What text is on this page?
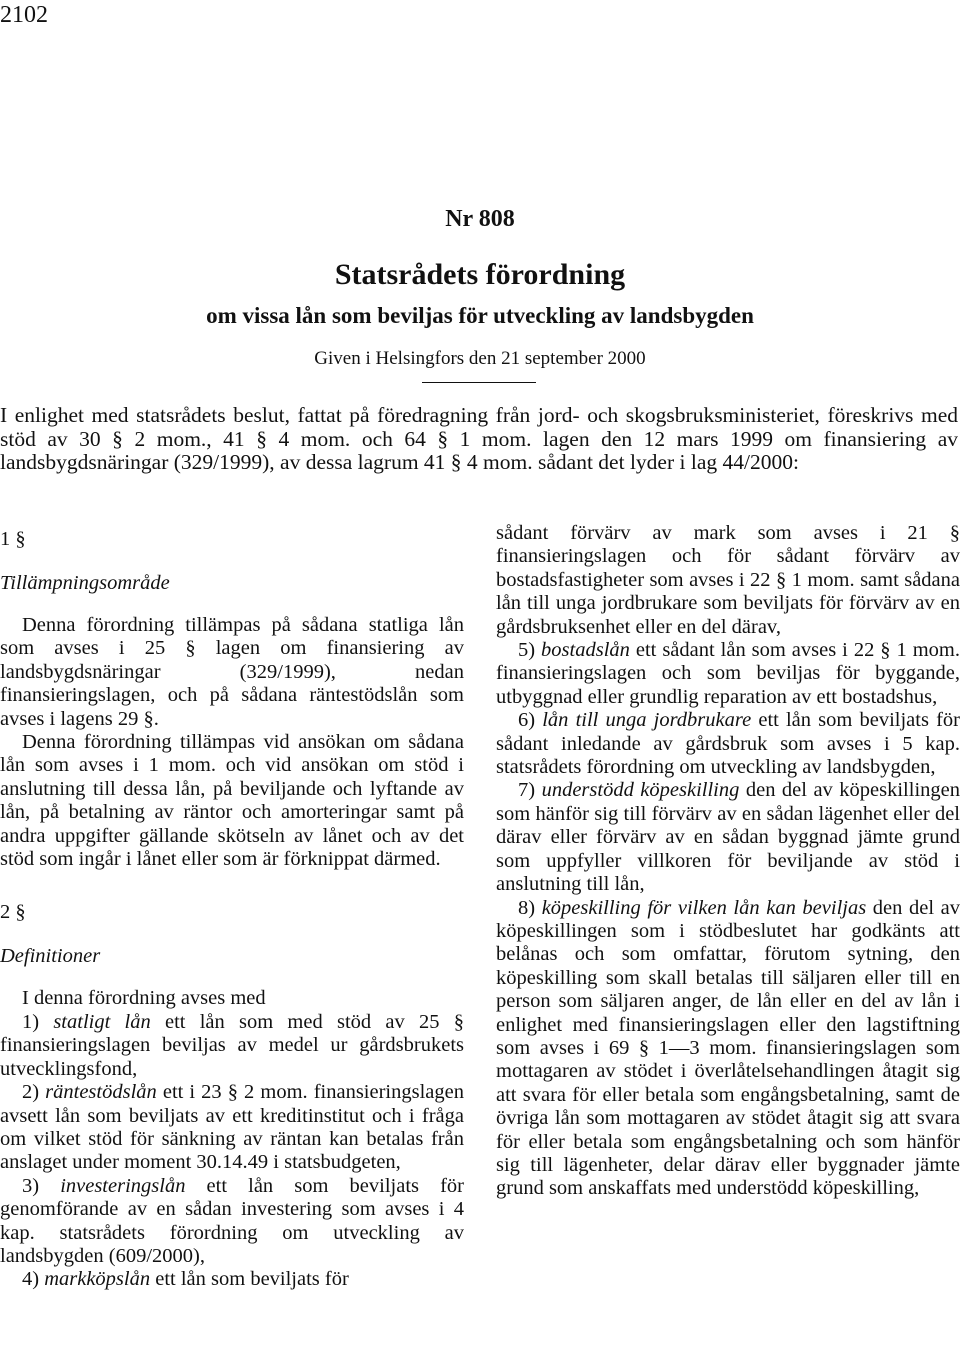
2102
Nr 808
Statsrådets förordning
om vissa lån som beviljas för utveckling av landsbygden
Given i Helsingfors den 21 september 2000

I enlighet med statsrådets beslut, fattat på föredragning från jord- och skogsbruksministeriet, föreskrivs med stöd av 30 § 2 mom., 41 § 4 mom. och 64 § 1 mom. lagen den 12 mars 1999 om finansiering av landsbygdsnäringar (329/1999), av dessa lagrum 41 § 4 mom. sådant det lyder i lag 44/2000:

1 §

Tillämpningsområde

Denna förordning tillämpas på sådana statliga lån som avses i 25 § lagen om finansiering av landsbygdsnäringar (329/1999), nedan finansieringslagen, och på sådana räntestödslån som avses i lagens 29 §.

Denna förordning tillämpas vid ansökan om sådana lån som avses i 1 mom. och vid ansökan om stöd i anslutning till dessa lån, på beviljande och lyftande av lån, på betalning av räntor och amorteringar samt på andra uppgifter gällande skötseln av lånet och av det stöd som ingår i lånet eller som är förknippat därmed.

2 §

Definitioner

I denna förordning avses med

1) statligt lån ett lån som med stöd av 25 § finansieringslagen beviljas av medel ur gårdsbrukets utvecklingsfond,

2) räntestödslån ett i 23 § 2 mom. finansieringslagen avsett lån som beviljats av ett kreditinstitut och i fråga om vilket stöd för sänkning av räntan kan betalas från anslaget under moment 30.14.49 i statsbudgeten,

3) investeringslån ett lån som beviljats för genomförande av en sådan investering som avses i 4 kap. statsrådets förordning om utveckling av landsbygden (609/2000),

4) markköpslån ett lån som beviljats för

sådant förvärv av mark som avses i 21 § finansieringslagen och för sådant förvärv av bostadsfastigheter som avses i 22 § 1 mom. samt sådana lån till unga jordbrukare som beviljats för förvärv av en gårdsbruksenhet eller en del därav,

5) bostadslån ett sådant lån som avses i 22 § 1 mom. finansieringslagen och som beviljas för byggande, utbyggnad eller grundlig reparation av ett bostadshus,

6) lån till unga jordbrukare ett lån som beviljats för sådant inledande av gårdsbruk som avses i 5 kap. statsrådets förordning om utveckling av landsbygden,

7) understödd köpeskilling den del av köpeskillingen som hänför sig till förvärv av en sådan lägenhet eller del därav eller förvärv av en sådan byggnad jämte grund som uppfyller villkoren för beviljande av stöd i anslutning till lån,

8) köpeskilling för vilken lån kan beviljas den del av köpeskillingen som i stödbeslutet har godkänts att belånas och som omfattar, förutom sytning, den köpeskilling som skall betalas till säljaren eller till en person som säljaren anger, de lån eller en del av lån i enlighet med finansieringslagen eller den lagstiftning som avses i 69 § 1—3 mom. finansieringslagen som mottagaren av stödet i överlåtelsehandlingen åtagit sig att svara för eller betala som engångsbetalning, samt de övriga lån som mottagaren av stödet åtagit sig att svara för eller betala som engångsbetalning och som hänför sig till lägenheter, delar därav eller byggnader jämte grund som anskaffats med understödd köpeskilling,
